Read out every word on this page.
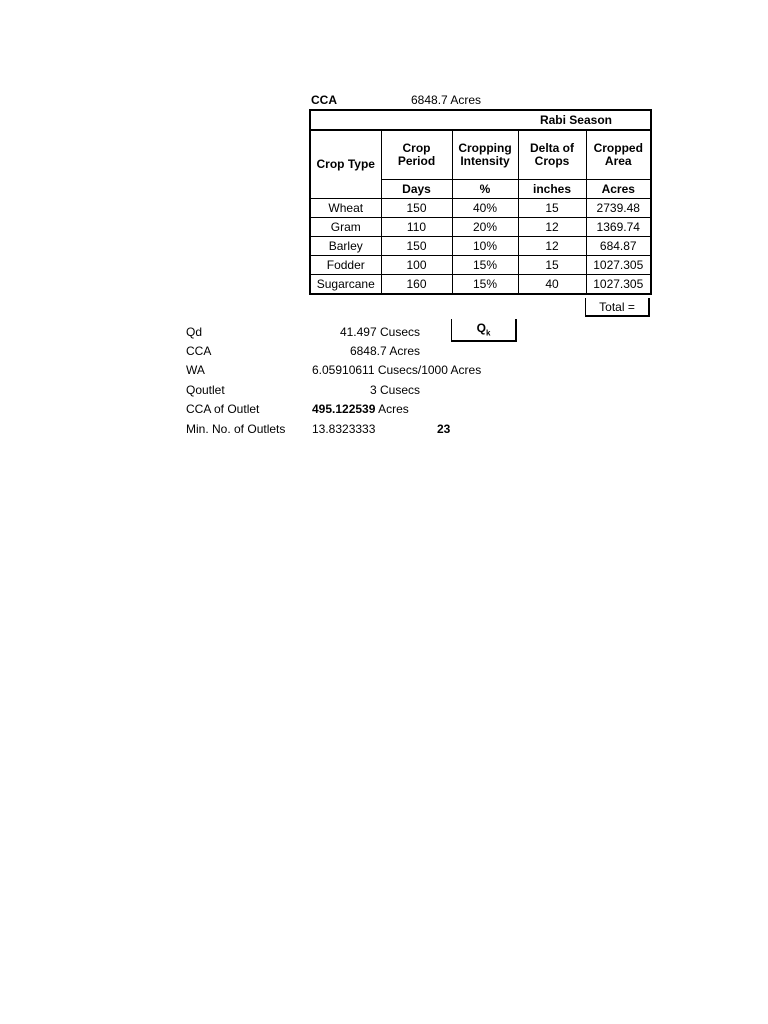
CCA	6848.7 Acres
Rabi Season				
Crop Type	Crop Period	Cropping Intensity	Delta of Crops	Cropped Area
	Days	%	inches	Acres
Wheat	150	40%	15	2739.48
Gram	110	20%	12	1369.74
Barley	150	10%	12	684.87
Fodder	100	15%	15	1027.305
Sugarcane	160	15%	40	1027.305
Total =
$Q_k$
Qd	41.497 Cusecs
CCA	6848.7 Acres
WA	6.05910611 Cusecs/1000 Acres
Qoutlet	3 Cusecs
CCA of Outlet	495.122539 Acres
Min. No. of Outlets 13.8323333	23
